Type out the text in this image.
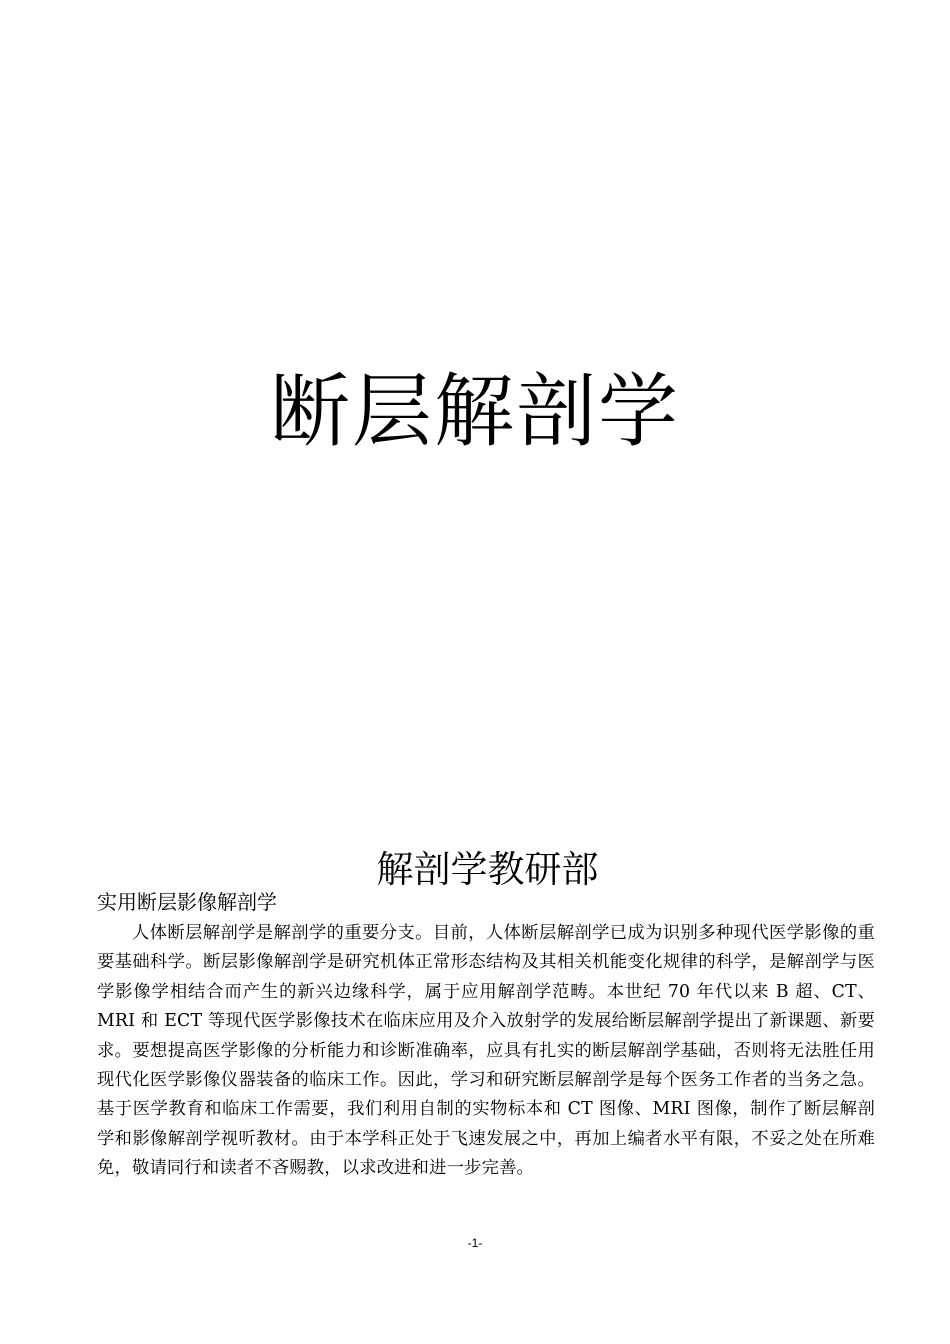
断层解剖学
解剖学教研部
实用断层影像解剖学

人体断层解剖学是解剖学的重要分支。目前，人体断层解剖学已成为识别多种现代医学影像的重要基础科学。断层影像解剖学是研究机体正常形态结构及其相关机能变化规律的科学，是解剖学与医学影像学相结合而产生的新兴边缘科学，属于应用解剖学范畴。本世纪 70 年代以来 B 超、CT、MRI 和 ECT 等现代医学影像技术在临床应用及介入放射学的发展给断层解剖学提出了新课题、新要求。要想提高医学影像的分析能力和诊断准确率，应具有扎实的断层解剖学基础，否则将无法胜任用现代化医学影像仪器装备的临床工作。因此，学习和研究断层解剖学是每个医务工作者的当务之急。基于医学教育和临床工作需要，我们利用自制的实物标本和 CT 图像、MRI 图像，制作了断层解剖学和影像解剖学视听教材。由于本学科正处于飞速发展之中，再加上编者水平有限，不妥之处在所难免，敬请同行和读者不吝赐教，以求改进和进一步完善。

-1-
